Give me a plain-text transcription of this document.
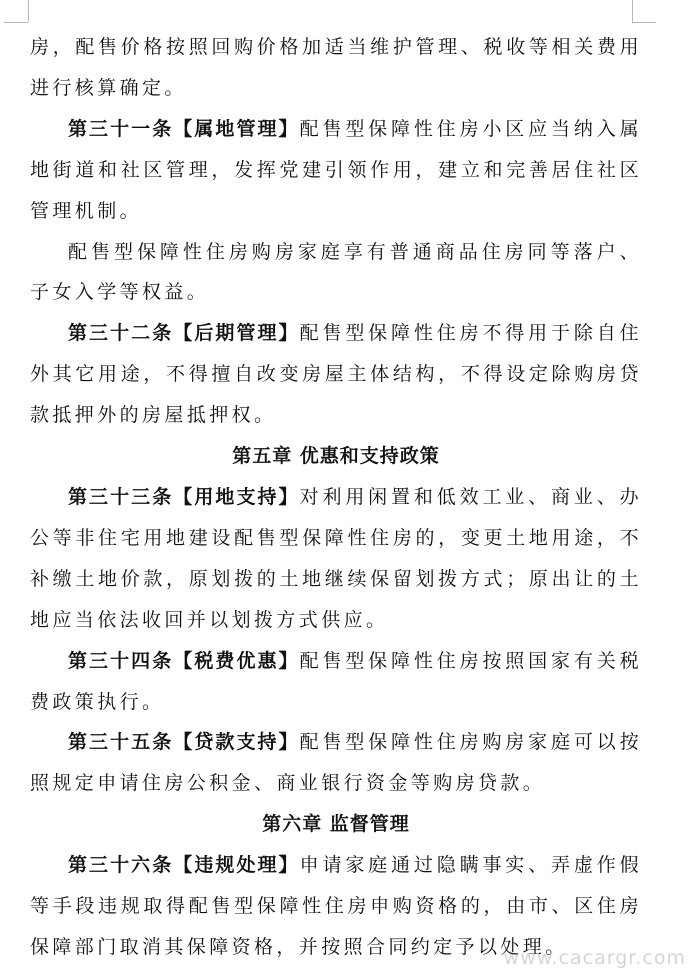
房，配售价格按照回购价格加适当维护管理、税收等相关费用进行核算确定。

第三十一条【属地管理】配售型保障性住房小区应当纳入属地街道和社区管理，发挥党建引领作用，建立和完善居住社区管理机制。

配售型保障性住房购房家庭享有普通商品住房同等落户、子女入学等权益。

第三十二条【后期管理】配售型保障性住房不得用于除自住外其它用途，不得擅自改变房屋主体结构，不得设定除购房贷款抵押外的房屋抵押权。

第五章 优惠和支持政策

第三十三条【用地支持】对利用闲置和低效工业、商业、办公等非住宅用地建设配售型保障性住房的，变更土地用途，不补缴土地价款，原划拨的土地继续保留划拨方式；原出让的土地应当依法收回并以划拨方式供应。

第三十四条【税费优惠】配售型保障性住房按照国家有关税费政策执行。

第三十五条【贷款支持】配售型保障性住房购房家庭可以按照规定申请住房公积金、商业银行资金等购房贷款。

第六章 监督管理

第三十六条【违规处理】申请家庭通过隐瞒事实、弄虚作假等手段违规取得配售型保障性住房申购资格的，由市、区住房保障部门取消其保障资格，并按照合同约定予以处理。

www.cacargr.com
